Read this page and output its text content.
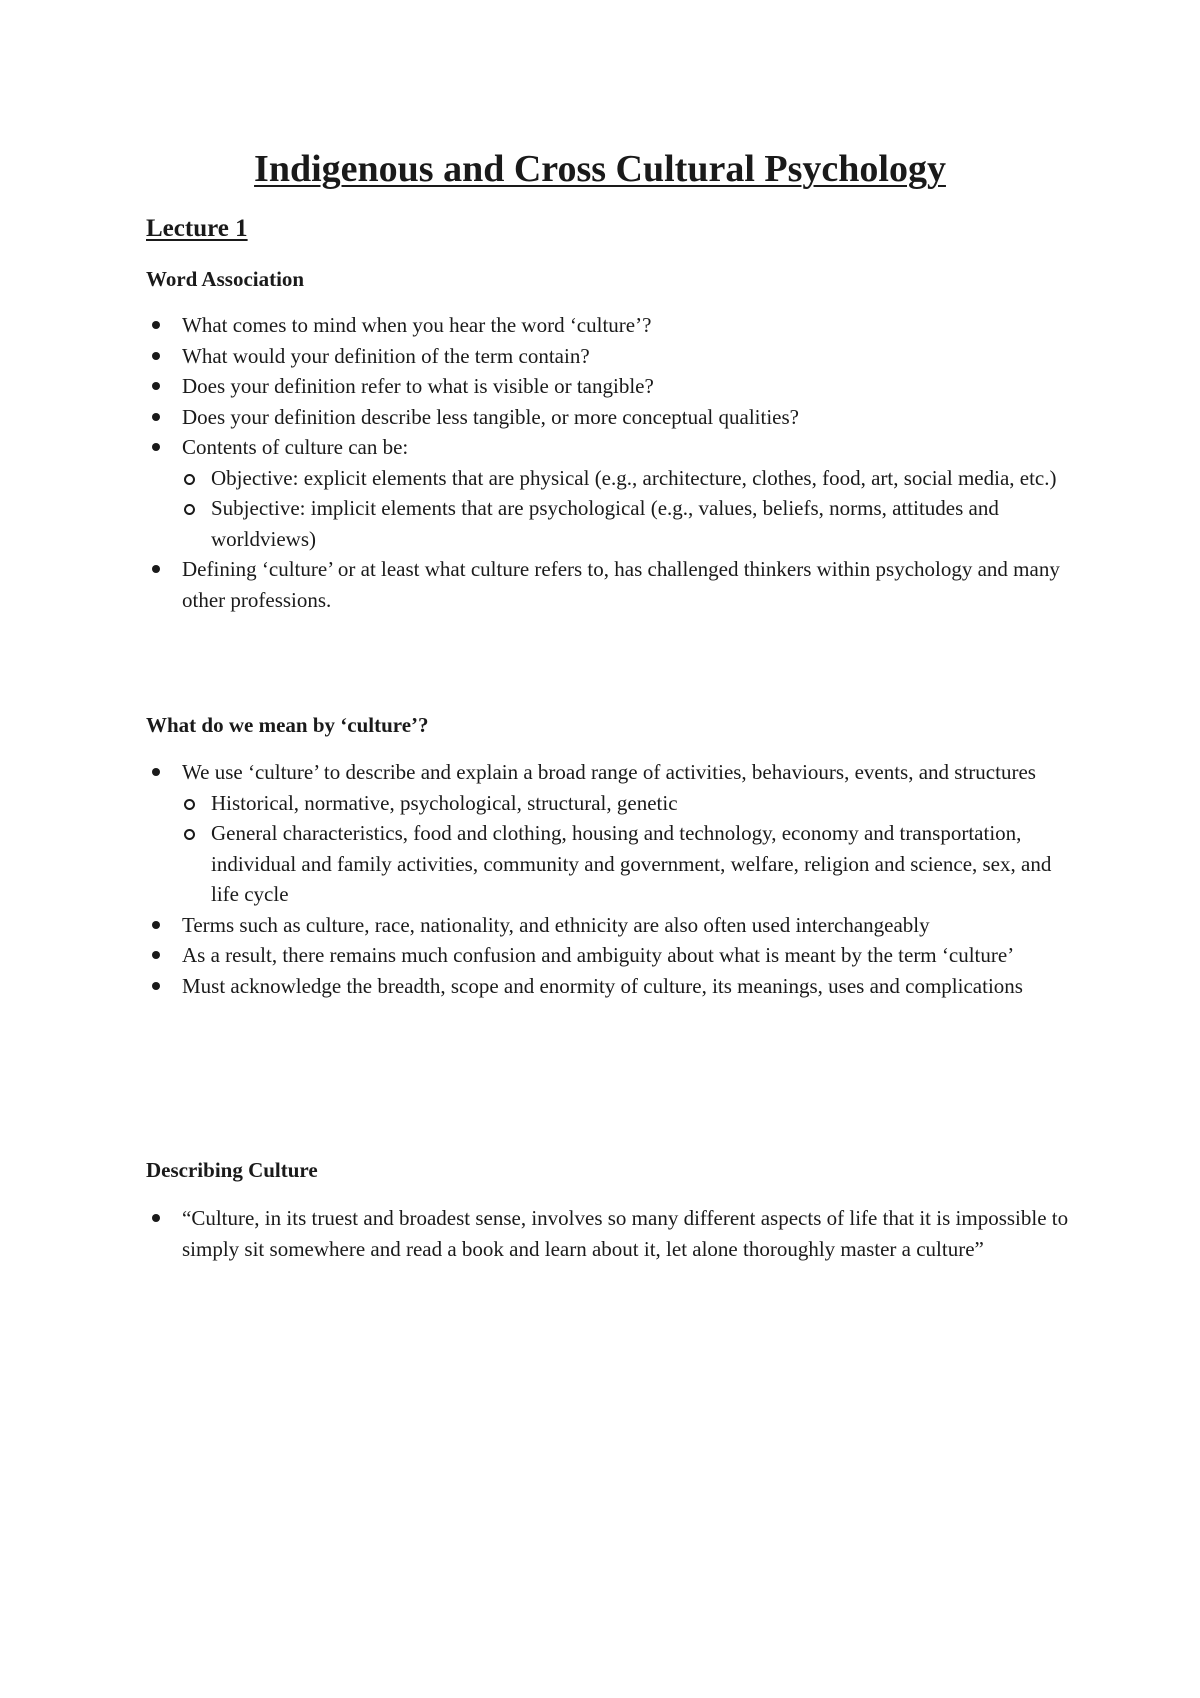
Indigenous and Cross Cultural Psychology
Lecture 1
Word Association
What comes to mind when you hear the word ‘culture’?
What would your definition of the term contain?
Does your definition refer to what is visible or tangible?
Does your definition describe less tangible, or more conceptual qualities?
Contents of culture can be:
Objective: explicit elements that are physical (e.g., architecture, clothes, food, art, social media, etc.)
Subjective: implicit elements that are psychological (e.g., values, beliefs, norms, attitudes and worldviews)
Defining ‘culture’ or at least what culture refers to, has challenged thinkers within psychology and many other professions.
What do we mean by ‘culture’?
We use ‘culture’ to describe and explain a broad range of activities, behaviours, events, and structures
Historical, normative, psychological, structural, genetic
General characteristics, food and clothing, housing and technology, economy and transportation, individual and family activities, community and government, welfare, religion and science, sex, and life cycle
Terms such as culture, race, nationality, and ethnicity are also often used interchangeably
As a result, there remains much confusion and ambiguity about what is meant by the term ‘culture’
Must acknowledge the breadth, scope and enormity of culture, its meanings, uses and complications
Describing Culture
“Culture, in its truest and broadest sense, involves so many different aspects of life that it is impossible to simply sit somewhere and read a book and learn about it, let alone thoroughly master a culture”
